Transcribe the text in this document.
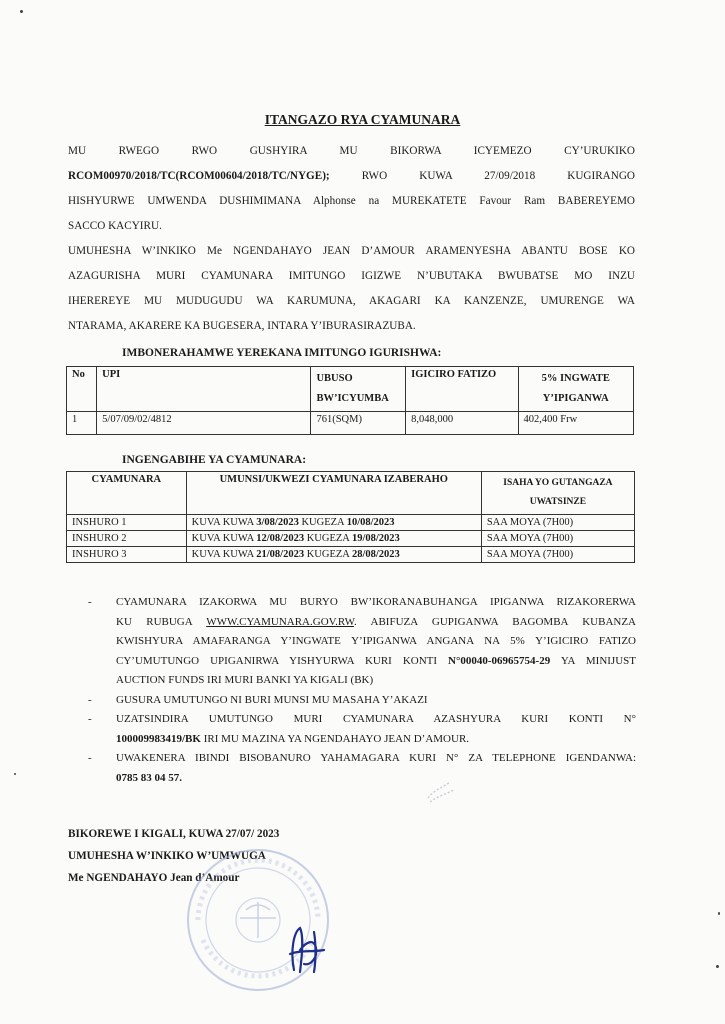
ITANGAZO RYA CYAMUNARA
MU RWEGO RWO GUSHYIRA MU BIKORWA ICYEMEZO CY’URUKIKO
RCOM00970/2018/TC(RCOM00604/2018/TC/NYGE); RWO KUWA 27/09/2018 KUGIRANGO
HISHYURWE UMWENDA DUSHIMIMANA Alphonse na MUREKATETE Favour Ram BABEREYEMO
SACCO KACYIRU.
UMUHESHA W’INKIKO Me NGENDAHAYO JEAN D’AMOUR ARAMENYESHA ABANTU BOSE KO
AZAGURISHA MURI CYAMUNARA IMITUNGO IGIZWE N’UBUTAKA BWUBATSE MO INZU
IHEREREYE MU MUDUGUDU WA KARUMUNA, AKAGARI KA KANZENZE, UMURENGE WA
NTARAMA, AKARERE KA BUGESERA, INTARA Y’IBURASIRAZUBA.
IMBONERAHAMWE YEREKANA IMITUNGO IGURISHWA:
No	UPI	UBUSO BW’ICYUMBA	IGICIRO FATIZO	5% INGWATE Y’IPIGANWA
1	5/07/09/02/4812	761(SQM)	8,048,000	402,400 Frw
INGENGABIHE YA CYAMUNARA:
CYAMUNARA	UMUNSI/UKWEZI CYAMUNARA IZABERAHO	ISAHA YO GUTANGAZA UWATSINZE
INSHURO 1	KUVA KUWA 3/08/2023 KUGEZA 10/08/2023	SAA MOYA (7H00)
INSHURO 2	KUVA KUWA 12/08/2023 KUGEZA 19/08/2023	SAA MOYA (7H00)
INSHURO 3	KUVA KUWA 21/08/2023 KUGEZA 28/08/2023	SAA MOYA (7H00)
- CYAMUNARA IZAKORWA MU BURYO BW’IKORANABUHANGA IPIGANWA RIZAKORERWA
KU RUBUGA WWW.CYAMUNARA.GOV.RW. ABIFUZA GUPIGANWA BAGOMBA KUBANZA
KWISHYURA AMAFARANGA Y’INGWATE Y’IPIGANWA ANGANA NA 5% Y’IGICIRO FATIZO
CY’UMUTUNGO UPIGANIRWA YISHYURWA KURI KONTI N°00040-06965754-29 YA MINIJUST
AUCTION FUNDS IRI MURI BANKI YA KIGALI (BK)
- GUSURA UMUTUNGO NI BURI MUNSI MU MASAHA Y’AKAZI
- UZATSINDIRA UMUTUNGO MURI CYAMUNARA AZASHYURA KURI KONTI N°
100009983419/BK IRI MU MAZINA YA NGENDAHAYO JEAN D’AMOUR.
- UWAKENERA IBINDI BISOBANURO YAHAMAGARA KURI N° ZA TELEPHONE IGENDANWA:
0785 83 04 57.
BIKOREWE I KIGALI, KUWA 27/07/ 2023
UMUHESHA W’INKIKO W’UMWUGA
Me NGENDAHAYO Jean d’Amour
